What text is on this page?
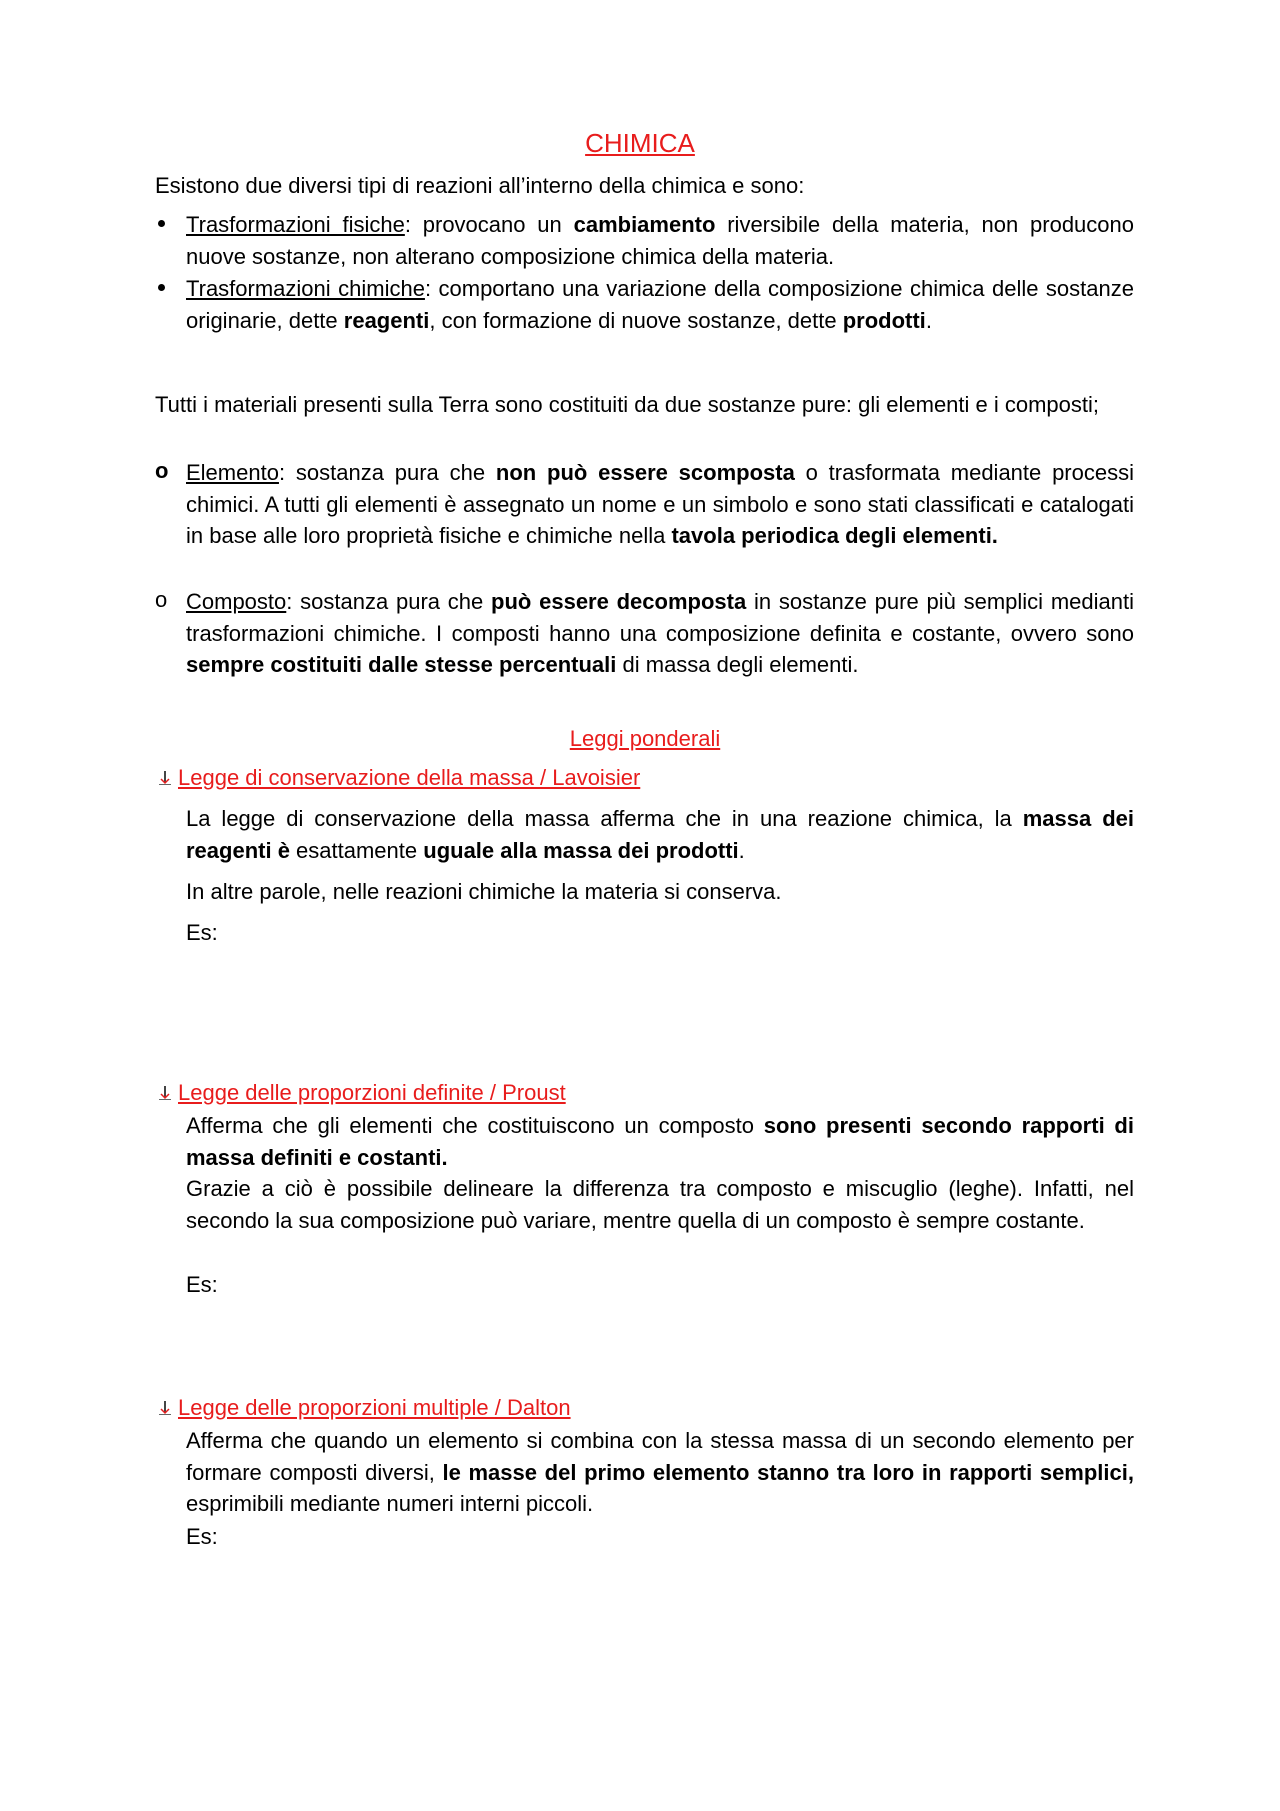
CHIMICA
Esistono due diversi tipi di reazioni all’interno della chimica e sono:
Trasformazioni fisiche: provocano un cambiamento riversibile della materia, non producono nuove sostanze, non alterano composizione chimica della materia.
Trasformazioni chimiche: comportano una variazione della composizione chimica delle sostanze originarie, dette reagenti, con formazione di nuove sostanze, dette prodotti.
Tutti i materiali presenti sulla Terra sono costituiti da due sostanze pure: gli elementi e i composti;
o Elemento: sostanza pura che non può essere scomposta o trasformata mediante processi chimici. A tutti gli elementi è assegnato un nome e un simbolo e sono stati classificati e catalogati in base alle loro proprietà fisiche e chimiche nella tavola periodica degli elementi.
o Composto: sostanza pura che può essere decomposta in sostanze pure più semplici medianti trasformazioni chimiche. I composti hanno una composizione definita e costante, ovvero sono sempre costituiti dalle stesse percentuali di massa degli elementi.
Leggi ponderali
Legge di conservazione della massa / Lavoisier
La legge di conservazione della massa afferma che in una reazione chimica, la massa dei reagenti è esattamente uguale alla massa dei prodotti.
In altre parole, nelle reazioni chimiche la materia si conserva.
Es:
Legge delle proporzioni definite / Proust
Afferma che gli elementi che costituiscono un composto sono presenti secondo rapporti di massa definiti e costanti.
Grazie a ciò è possibile delineare la differenza tra composto e miscuglio (leghe). Infatti, nel secondo la sua composizione può variare, mentre quella di un composto è sempre costante.
Es:
Legge delle proporzioni multiple / Dalton
Afferma che quando un elemento si combina con la stessa massa di un secondo elemento per formare composti diversi, le masse del primo elemento stanno tra loro in rapporti semplici, esprimibili mediante numeri interni piccoli.
Es:
